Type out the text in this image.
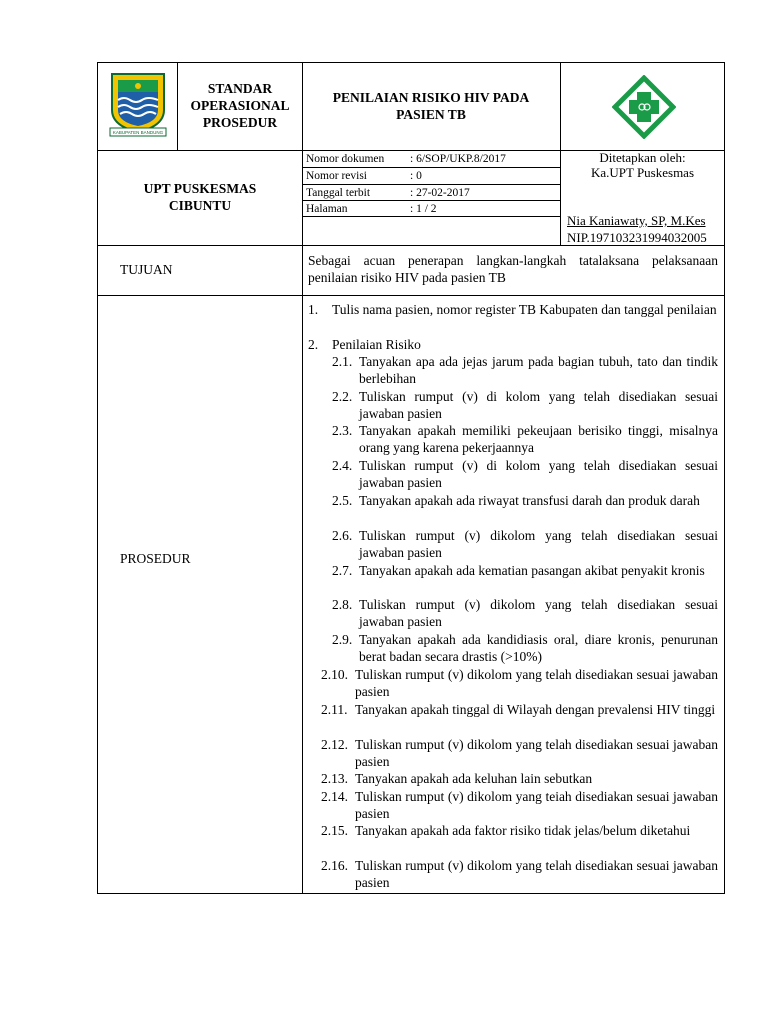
KABUPATEN BANDUNG
STANDAR
OPERASIONAL
PROSEDUR
PENILAIAN RISIKO HIV PADA PASIEN TB
UPT PUSKESMAS
CIBUNTU
Nomor dokumen : 6/SOP/UKP.8/2017
Nomor revisi	: 0
Tanggal terbit	: 27-02-2017
Halaman	: 1 / 2
Ditetapkan oleh:
Ka.UPT Puskesmas
Nia Kaniawaty, SP, M.Kes
NIP.197103231994032005
TUJUAN
Sebagai acuan penerapan langkan-langkah tatalaksana pelaksanaan penilaian risiko HIV pada pasien TB
PROSEDUR
1. Tulis nama pasien, nomor register TB Kabupaten dan tanggal penilaian
2. Penilaian Risiko
2.1. Tanyakan apa ada jejas jarum pada bagian tubuh, tato dan tindik berlebihan
2.2. Tuliskan rumput (v) di kolom yang telah disediakan sesuai jawaban pasien
2.3. Tanyakan apakah memiliki pekeujaan berisiko tinggi, misalnya orang yang karena pekerjaannya
2.4. Tuliskan rumput (v) di kolom yang telah disediakan sesuai jawaban pasien
2.5. Tanyakan apakah ada riwayat transfusi darah dan produk darah
2.6. Tuliskan rumput (v) dikolom yang telah disediakan sesuai jawaban pasien
2.7. Tanyakan apakah ada kematian pasangan akibat penyakit kronis
2.8. Tuliskan rumput (v) dikolom yang telah disediakan sesuai jawaban pasien
2.9. Tanyakan apakah ada kandidiasis oral, diare kronis, penurunan berat badan secara drastis (>10%)
2.10. Tuliskan rumput (v) dikolom yang telah disediakan sesuai jawaban pasien
2.11. Tanyakan apakah tinggal di Wilayah dengan prevalensi HIV tinggi
2.12. Tuliskan rumput (v) dikolom yang telah disediakan sesuai jawaban pasien
2.13. Tanyakan apakah ada keluhan lain sebutkan
2.14. Tuliskan rumput (v) dikolom yang teiah disediakan sesuai jawaban pasien
2.15. Tanyakan apakah ada faktor risiko tidak jelas/belum diketahui
2.16. Tuliskan rumput (v) dikolom yang telah disediakan sesuai jawaban pasien
